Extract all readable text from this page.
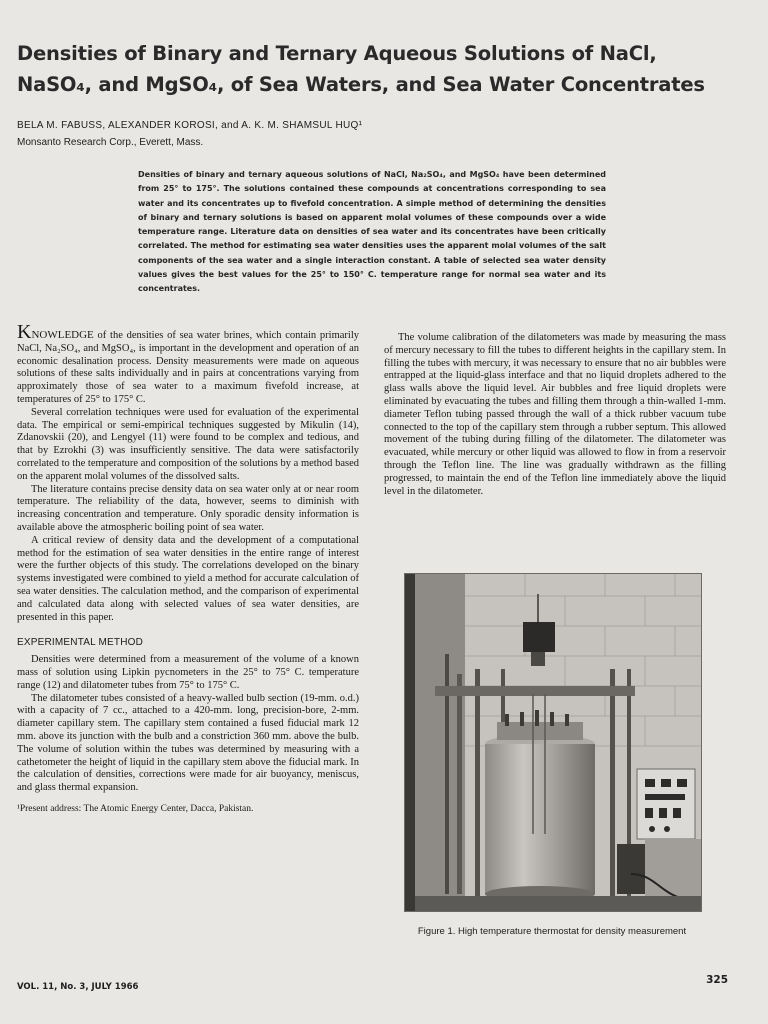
Densities of Binary and Ternary Aqueous Solutions of NaCl, NaSO₄, and MgSO₄, of Sea Waters, and Sea Water Concentrates
BELA M. FABUSS, ALEXANDER KOROSI, and A. K. M. SHAMSUL HUQ¹
Monsanto Research Corp., Everett, Mass.
Densities of binary and ternary aqueous solutions of NaCl, Na₂SO₄, and MgSO₄ have been determined from 25° to 175°. The solutions contained these compounds at concentrations corresponding to sea water and its concentrates up to fivefold concentration. A simple method of determining the densities of binary and ternary solutions is based on apparent molal volumes of these compounds over a wide temperature range. Literature data on densities of sea water and its concentrates have been critically correlated. The method for estimating sea water densities uses the apparent molal volumes of the salt components of the sea water and a single interaction constant. A table of selected sea water density values gives the best values for the 25° to 150° C. temperature range for normal sea water and its concentrates.

KNOWLEDGE of the densities of sea water brines, which contain primarily NaCl, Na₂SO₄, and MgSO₄, is important in the development and operation of an economic desalination process. Density measurements were made on aqueous solutions of these salts individually and in pairs at concentrations varying from approximately those of sea water to a maximum fivefold increase, at temperatures of 25° to 175° C.

Several correlation techniques were used for evaluation of the experimental data. The empirical or semi-empirical techniques suggested by Mikulin (14), Zdanovskii (20), and Lengyel (11) were found to be complex and tedious, and that by Ezrokhi (3) was insufficiently sensitive. The data were satisfactorily correlated to the temperature and composition of the solutions by a method based on the apparent molal volumes of the dissolved salts.

The literature contains precise density data on sea water only at or near room temperature. The reliability of the data, however, seems to diminish with increasing concentration and temperature. Only sporadic density information is available above the atmospheric boiling point of sea water.

A critical review of density data and the development of a computational method for the estimation of sea water densities in the entire range of interest were the further objects of this study. The correlations developed on the binary systems investigated were combined to yield a method for accurate calculation of sea water densities. The calculation method, and the comparison of experimental and calculated data along with selected values of sea water densities, are presented in this paper.

EXPERIMENTAL METHOD

Densities were determined from a measurement of the volume of a known mass of solution using Lipkin pycnometers in the 25° to 75° C. temperature range (12) and dilatometer tubes from 75° to 175° C.

The dilatometer tubes consisted of a heavy-walled bulb section (19-mm. o.d.) with a capacity of 7 cc., attached to a 420-mm. long, precision-bore, 2-mm. diameter capillary stem. The capillary stem contained a fused fiducial mark 12 mm. above its junction with the bulb and a constriction 360 mm. above the bulb. The volume of solution within the tubes was determined by measuring with a cathetometer the height of liquid in the capillary stem above the fiducial mark. In the calculation of densities, corrections were made for air buoyancy, meniscus, and glass thermal expansion.

¹Present address: The Atomic Energy Center, Dacca, Pakistan.

The volume calibration of the dilatometers was made by measuring the mass of mercury necessary to fill the tubes to different heights in the capillary stem. In filling the tubes with mercury, it was necessary to ensure that no air bubbles were entrapped at the liquid-glass interface and that no liquid droplets adhered to the glass walls above the liquid level. Air bubbles and free liquid droplets were eliminated by evacuating the tubes and filling them through a thin-walled 1-mm. diameter Teflon tubing passed through the wall of a thick rubber vacuum tube connected to the top of the capillary stem through a rubber septum. This allowed movement of the tubing during filling of the dilatometer. The dilatometer was evacuated, while mercury or other liquid was allowed to flow in from a reservoir through the Teflon line. The line was gradually withdrawn as the filling progressed, to maintain the end of the Teflon line immediately above the liquid level in the dilatometer.

Figure 1. High temperature thermostat for density measurement
VOL. 11, No. 3, JULY 1966
325
